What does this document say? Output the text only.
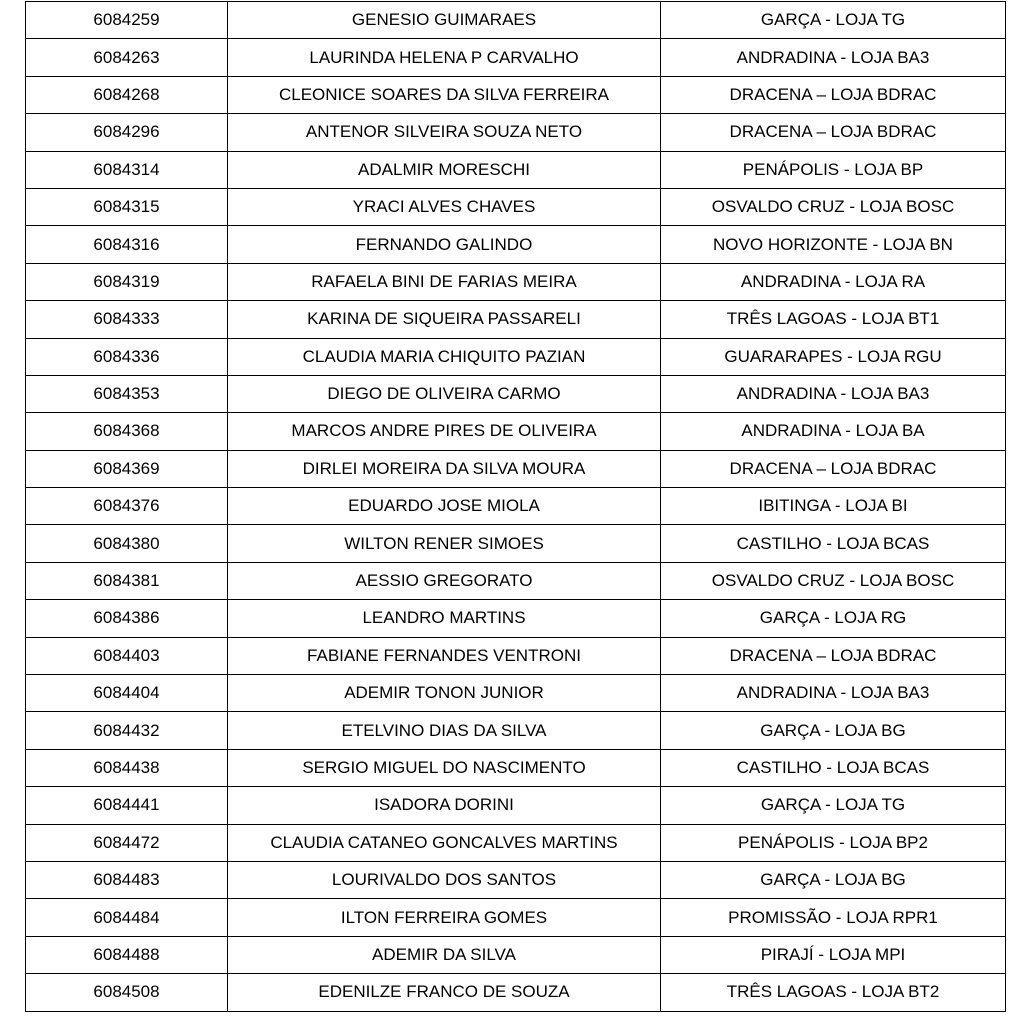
6084259	GENESIO GUIMARAES	GARÇA - LOJA TG
6084263	LAURINDA HELENA P CARVALHO	ANDRADINA - LOJA BA3
6084268	CLEONICE SOARES DA SILVA FERREIRA	DRACENA – LOJA BDRAC
6084296	ANTENOR SILVEIRA SOUZA NETO	DRACENA – LOJA BDRAC
6084314	ADALMIR MORESCHI	PENÁPOLIS - LOJA BP
6084315	YRACI ALVES CHAVES	OSVALDO CRUZ - LOJA BOSC
6084316	FERNANDO GALINDO	NOVO HORIZONTE - LOJA BN
6084319	RAFAELA BINI DE FARIAS MEIRA	ANDRADINA - LOJA RA
6084333	KARINA DE SIQUEIRA PASSARELI	TRÊS LAGOAS - LOJA BT1
6084336	CLAUDIA MARIA CHIQUITO PAZIAN	GUARARAPES - LOJA RGU
6084353	DIEGO DE OLIVEIRA CARMO	ANDRADINA - LOJA BA3
6084368	MARCOS ANDRE PIRES DE OLIVEIRA	ANDRADINA - LOJA BA
6084369	DIRLEI MOREIRA DA SILVA MOURA	DRACENA – LOJA BDRAC
6084376	EDUARDO JOSE MIOLA	IBITINGA - LOJA BI
6084380	WILTON RENER SIMOES	CASTILHO - LOJA BCAS
6084381	AESSIO GREGORATO	OSVALDO CRUZ - LOJA BOSC
6084386	LEANDRO MARTINS	GARÇA - LOJA RG
6084403	FABIANE FERNANDES VENTRONI	DRACENA – LOJA BDRAC
6084404	ADEMIR TONON JUNIOR	ANDRADINA - LOJA BA3
6084432	ETELVINO DIAS DA SILVA	GARÇA - LOJA BG
6084438	SERGIO MIGUEL DO NASCIMENTO	CASTILHO - LOJA BCAS
6084441	ISADORA DORINI	GARÇA - LOJA TG
6084472	CLAUDIA CATANEO GONCALVES MARTINS	PENÁPOLIS - LOJA BP2
6084483	LOURIVALDO DOS SANTOS	GARÇA - LOJA BG
6084484	ILTON FERREIRA GOMES	PROMISSÃO - LOJA RPR1
6084488	ADEMIR DA SILVA	PIRAJÍ - LOJA MPI
6084508	EDENILZE FRANCO DE SOUZA	TRÊS LAGOAS - LOJA BT2
